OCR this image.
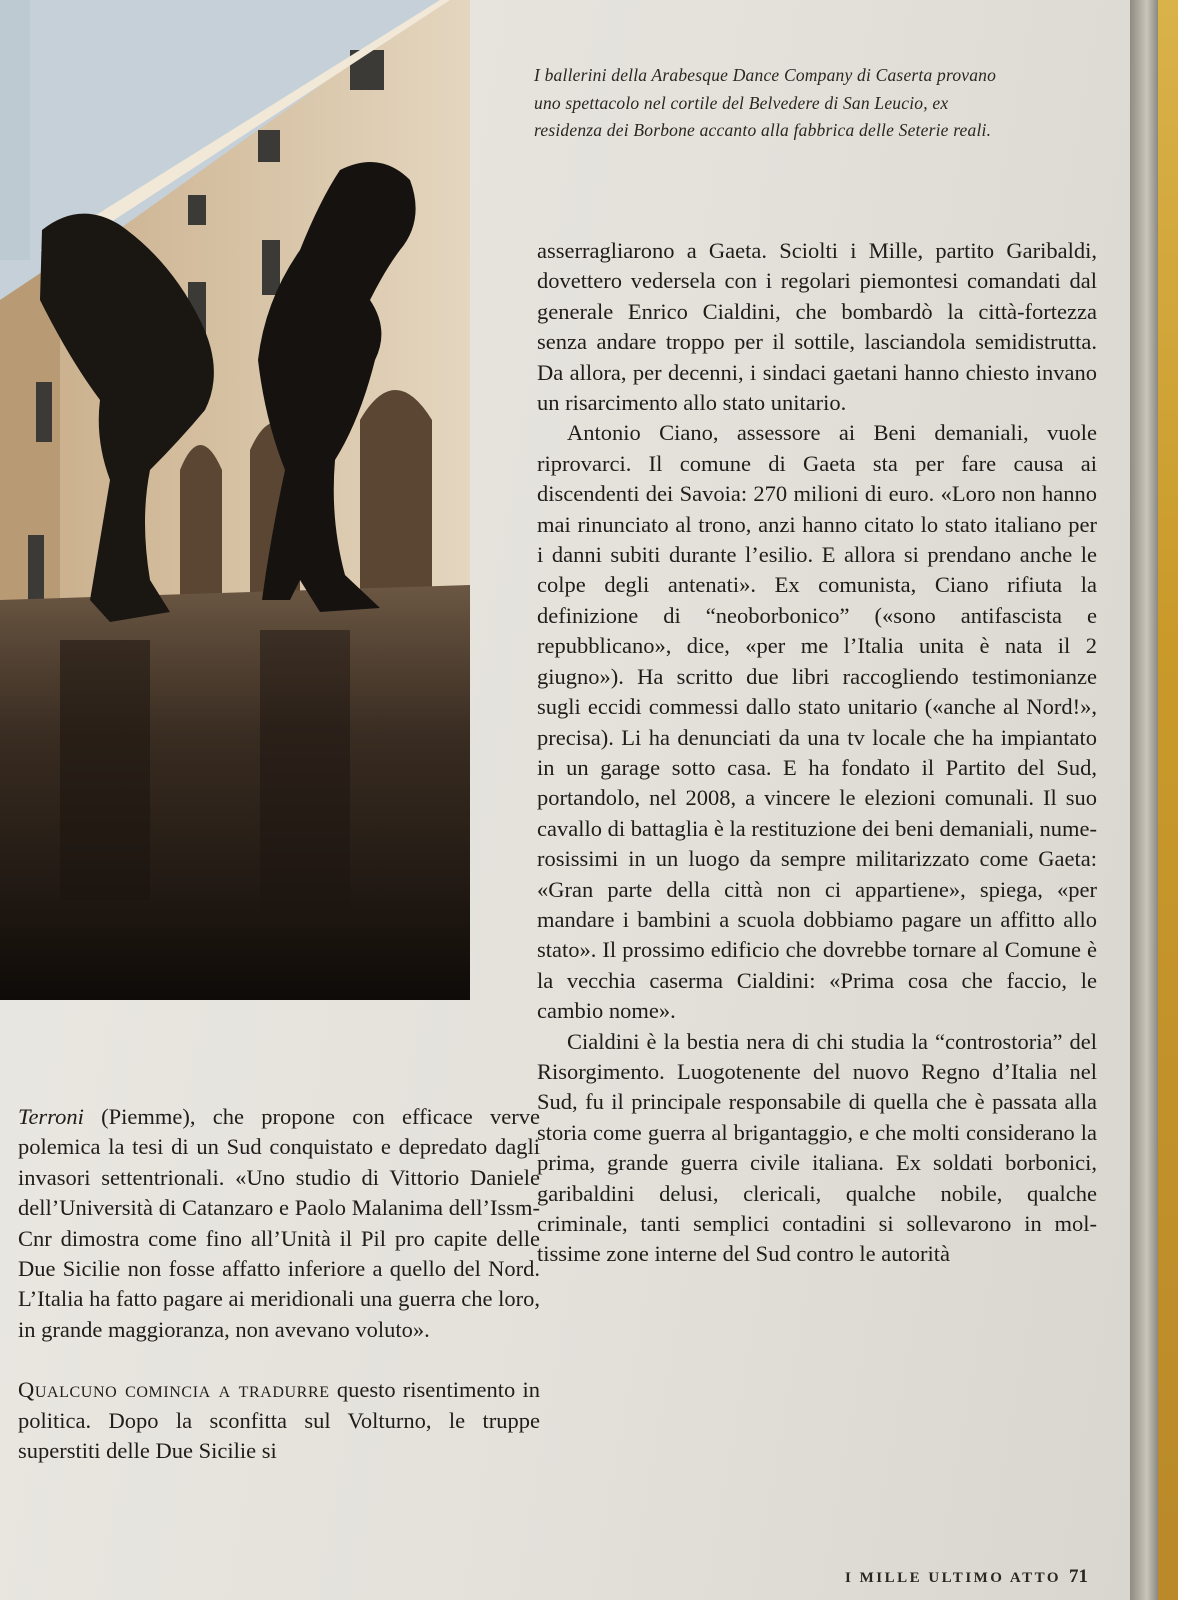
I ballerini della Arabesque Dance Company di Caserta provano uno spettacolo nel cortile del Belvedere di San Leucio, ex residenza dei Borbone accanto alla fabbrica delle Seterie reali.

asserragliarono a Gaeta. Sciolti i Mille, partito Garibaldi, dovettero vedersela con i regolari piemontesi comandati dal generale Enrico Cialdini, che bombardò la città-fortezza senza andare troppo per il sottile, lasciandola semidistrutta. Da allora, per decenni, i sindaci gaetani hanno chiesto invano un risarcimento allo stato unitario.

Antonio Ciano, assessore ai Beni demaniali, vuole riprovarci. Il comune di Gaeta sta per fare causa ai discendenti dei Savoia: 270 milioni di euro. «Loro non hanno mai rinunciato al trono, anzi hanno citato lo stato italiano per i danni subiti durante l’esilio. E allora si prendano anche le colpe degli antenati». Ex comunista, Ciano rifiuta la definizione di “neoborbonico” («sono antifascista e repubblicano», dice, «per me l’Italia unita è nata il 2 giugno»). Ha scritto due libri raccogliendo testimonianze sugli eccidi commessi dallo stato unitario («anche al Nord!», precisa). Li ha denunciati da una tv locale che ha impiantato in un garage sotto casa. E ha fondato il Partito del Sud, portandolo, nel 2008, a vincere le elezioni comunali. Il suo cavallo di battaglia è la restituzione dei beni demaniali, numerosissimi in un luogo da sempre militarizzato come Gaeta: «Gran parte della città non ci appartiene», spiega, «per mandare i bambini a scuola dobbiamo pagare un affitto allo stato». Il prossimo edificio che dovrebbe tornare al Comune è la vecchia caserma Cialdini: «Prima cosa che faccio, le cambio nome».

Cialdini è la bestia nera di chi studia la “controstoria” del Risorgimento. Luogotenente del nuovo Regno d’Italia nel Sud, fu il principale responsabile di quella che è passata alla storia come guerra al brigantaggio, e che molti considerano la prima, grande guerra civile italiana. Ex soldati borbonici, garibaldini delusi, clericali, qualche nobile, qualche criminale, tanti semplici contadini si sollevarono in moltissime zone interne del Sud contro le autorità

Terroni (Piemme), che propone con efficace verve polemica la tesi di un Sud conquistato e depredato dagli invasori settentrionali. «Uno studio di Vittorio Daniele dell’Università di Catanzaro e Paolo Malanima dell’Issm-Cnr dimostra come fino all’Unità il Pil pro capite delle Due Sicilie non fosse affatto inferiore a quello del Nord. L’Italia ha fatto pagare ai meridionali una guerra che loro, in grande maggioranza, non avevano voluto».

Qualcuno comincia a tradurre questo risentimento in politica. Dopo la sconfitta sul Volturno, le truppe superstiti delle Due Sicilie si

I MILLE ULTIMO ATTO 71
